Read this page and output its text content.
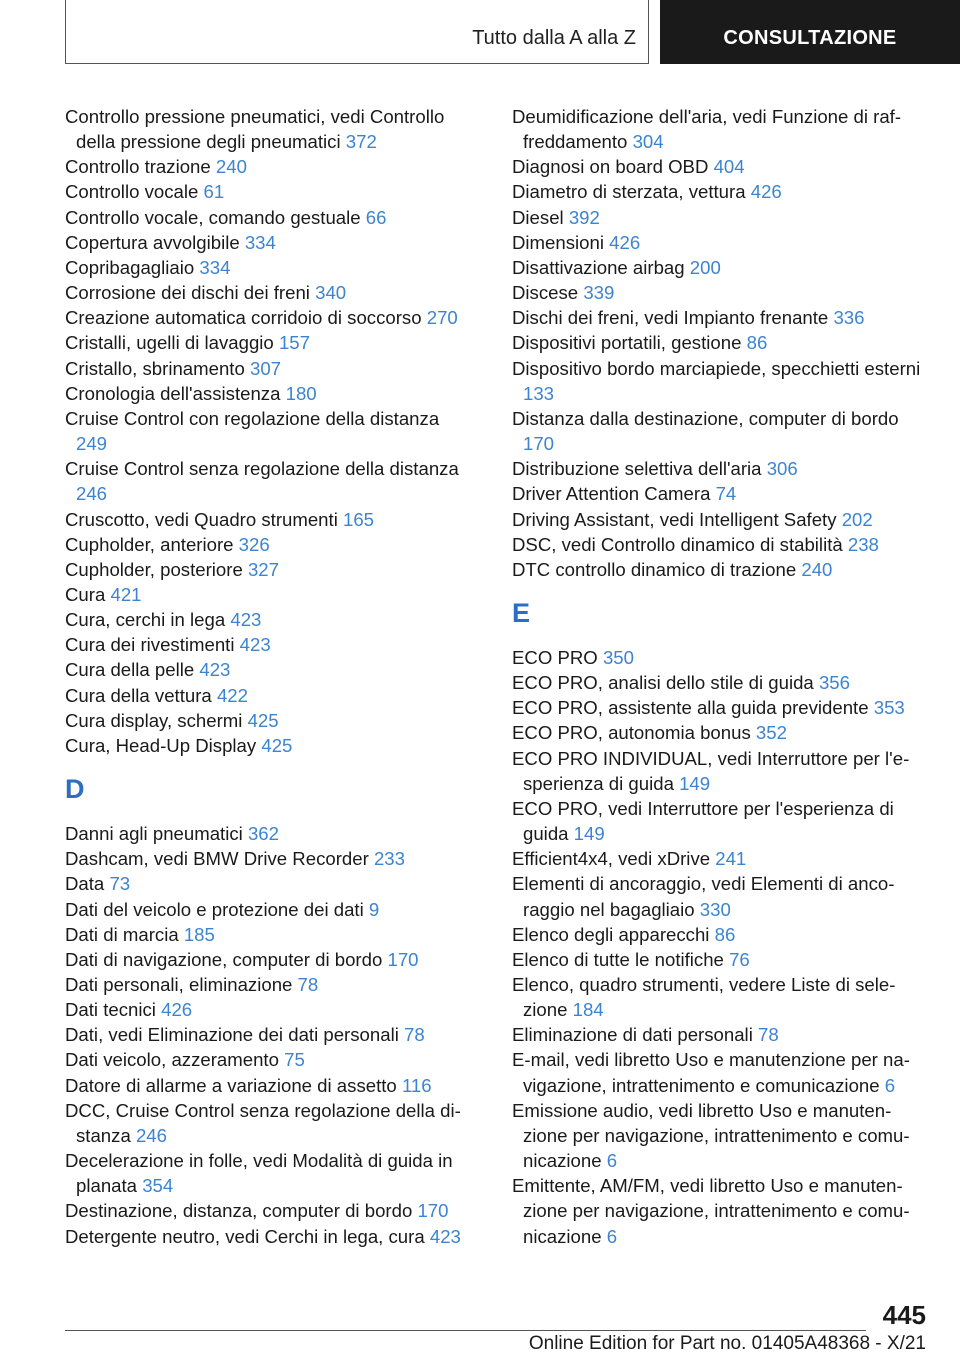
Tutto dalla A alla Z	CONSULTAZIONE
Controllo pressione pneumatici, vedi Controllo della pressione degli pneumatici 372
Controllo trazione 240
Controllo vocale 61
Controllo vocale, comando gestuale 66
Copertura avvolgibile 334
Copribagagliaio 334
Corrosione dei dischi dei freni 340
Creazione automatica corridoio di soccorso 270
Cristalli, ugelli di lavaggio 157
Cristallo, sbrinamento 307
Cronologia dell'assistenza 180
Cruise Control con regolazione della distanza 249
Cruise Control senza regolazione della distanza 246
Cruscotto, vedi Quadro strumenti 165
Cupholder, anteriore 326
Cupholder, posteriore 327
Cura 421
Cura, cerchi in lega 423
Cura dei rivestimenti 423
Cura della pelle 423
Cura della vettura 422
Cura display, schermi 425
Cura, Head-Up Display 425
D
Danni agli pneumatici 362
Dashcam, vedi BMW Drive Recorder 233
Data 73
Dati del veicolo e protezione dei dati 9
Dati di marcia 185
Dati di navigazione, computer di bordo 170
Dati personali, eliminazione 78
Dati tecnici 426
Dati, vedi Eliminazione dei dati personali 78
Dati veicolo, azzeramento 75
Datore di allarme a variazione di assetto 116
DCC, Cruise Control senza regolazione della distanza 246
Decelerazione in folle, vedi Modalità di guida in planata 354
Destinazione, distanza, computer di bordo 170
Detergente neutro, vedi Cerchi in lega, cura 423
Deumidificazione dell'aria, vedi Funzione di raffreddamento 304
Diagnosi on board OBD 404
Diametro di sterzata, vettura 426
Diesel 392
Dimensioni 426
Disattivazione airbag 200
Discese 339
Dischi dei freni, vedi Impianto frenante 336
Dispositivi portatili, gestione 86
Dispositivo bordo marciapiede, specchietti esterni 133
Distanza dalla destinazione, computer di bordo 170
Distribuzione selettiva dell'aria 306
Driver Attention Camera 74
Driving Assistant, vedi Intelligent Safety 202
DSC, vedi Controllo dinamico di stabilità 238
DTC controllo dinamico di trazione 240
E
ECO PRO 350
ECO PRO, analisi dello stile di guida 356
ECO PRO, assistente alla guida previdente 353
ECO PRO, autonomia bonus 352
ECO PRO INDIVIDUAL, vedi Interruttore per l'esperienza di guida 149
ECO PRO, vedi Interruttore per l'esperienza di guida 149
Efficient4x4, vedi xDrive 241
Elementi di ancoraggio, vedi Elementi di ancoraggio nel bagagliaio 330
Elenco degli apparecchi 86
Elenco di tutte le notifiche 76
Elenco, quadro strumenti, vedere Liste di selezione 184
Eliminazione di dati personali 78
E-mail, vedi libretto Uso e manutenzione per navigazione, intrattenimento e comunicazione 6
Emissione audio, vedi libretto Uso e manutenzione per navigazione, intrattenimento e comunicazione 6
Emittente, AM/FM, vedi libretto Uso e manutenzione per navigazione, intrattenimento e comunicazione 6
445
Online Edition for Part no. 01405A48368 - X/21
